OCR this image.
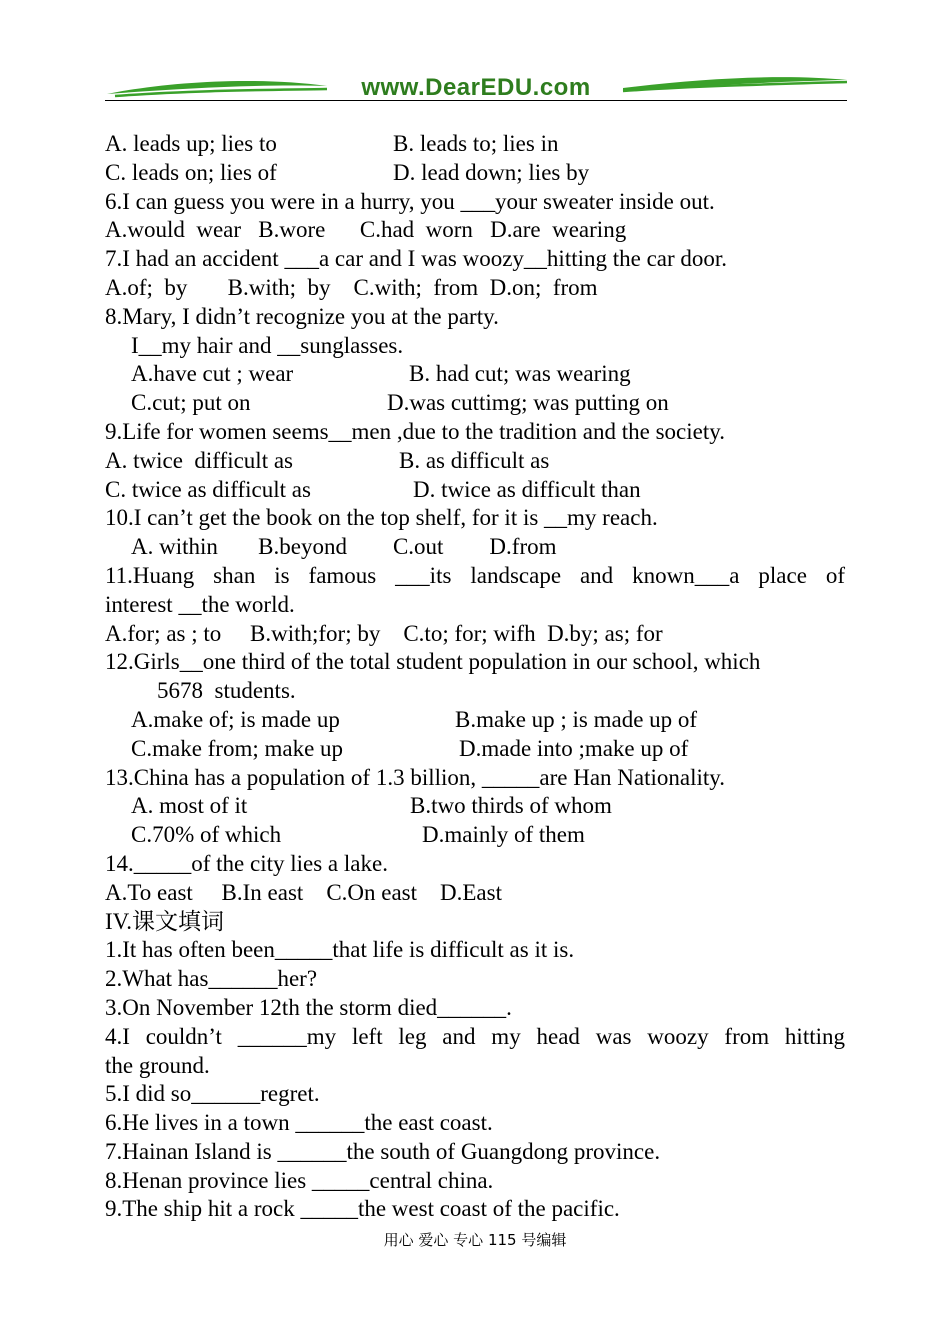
www.DearEDU.com
A. leads up; lies to	B. leads to; lies in
C. leads on; lies of	D. lead down; lies by
6.I can guess you were in a hurry, you ___your sweater inside out.
A.would  wear   B.wore      C.had  worn   D.are  wearing
7.I had an accident ___a car and I was woozy__hitting the car door.
A.of;  by       B.with;  by    C.with;  from  D.on;  from
8.Mary, I didn’t recognize you at the party.
I__my hair and __sunglasses.
A.have cut ; wear	B. had cut; was wearing
C.cut; put on	D.was cuttimg; was putting on
9.Life for women seems__men ,due to the tradition and the society.
A. twice  difficult as	B. as difficult as
C. twice as difficult as	D. twice as difficult than
10.I can’t get the book on the top shelf, for it is __my reach.
A. within       B.beyond        C.out        D.from
11.Huang shan is famous ___its landscape and known___a place of
interest __the world.
A.for; as ; to     B.with;for; by    C.to; for; wifh  D.by; as; for
12.Girls__one third of the total student population in our school, which
5678  students.
A.make of; is made up	B.make up ; is made up of
C.make from; make up	D.made into ;make up of
13.China has a population of 1.3 billion, _____are Han Nationality.
A. most of it	B.two thirds of whom
C.70% of which	D.mainly of them
14._____of the city lies a lake.
A.To east     B.In east    C.On east    D.East
IV.课文填词
1.It has often been_____that life is difficult as it is.
2.What has______her?
3.On November 12th the storm died______.
4.I couldn’t ______my left leg and my head was woozy from hitting
the ground.
5.I did so______regret.
6.He lives in a town ______the east coast.
7.Hainan Island is ______the south of Guangdong province.
8.Henan province lies _____central china.
9.The ship hit a rock _____the west coast of the pacific.
用心 爱心 专心 115 号编辑
